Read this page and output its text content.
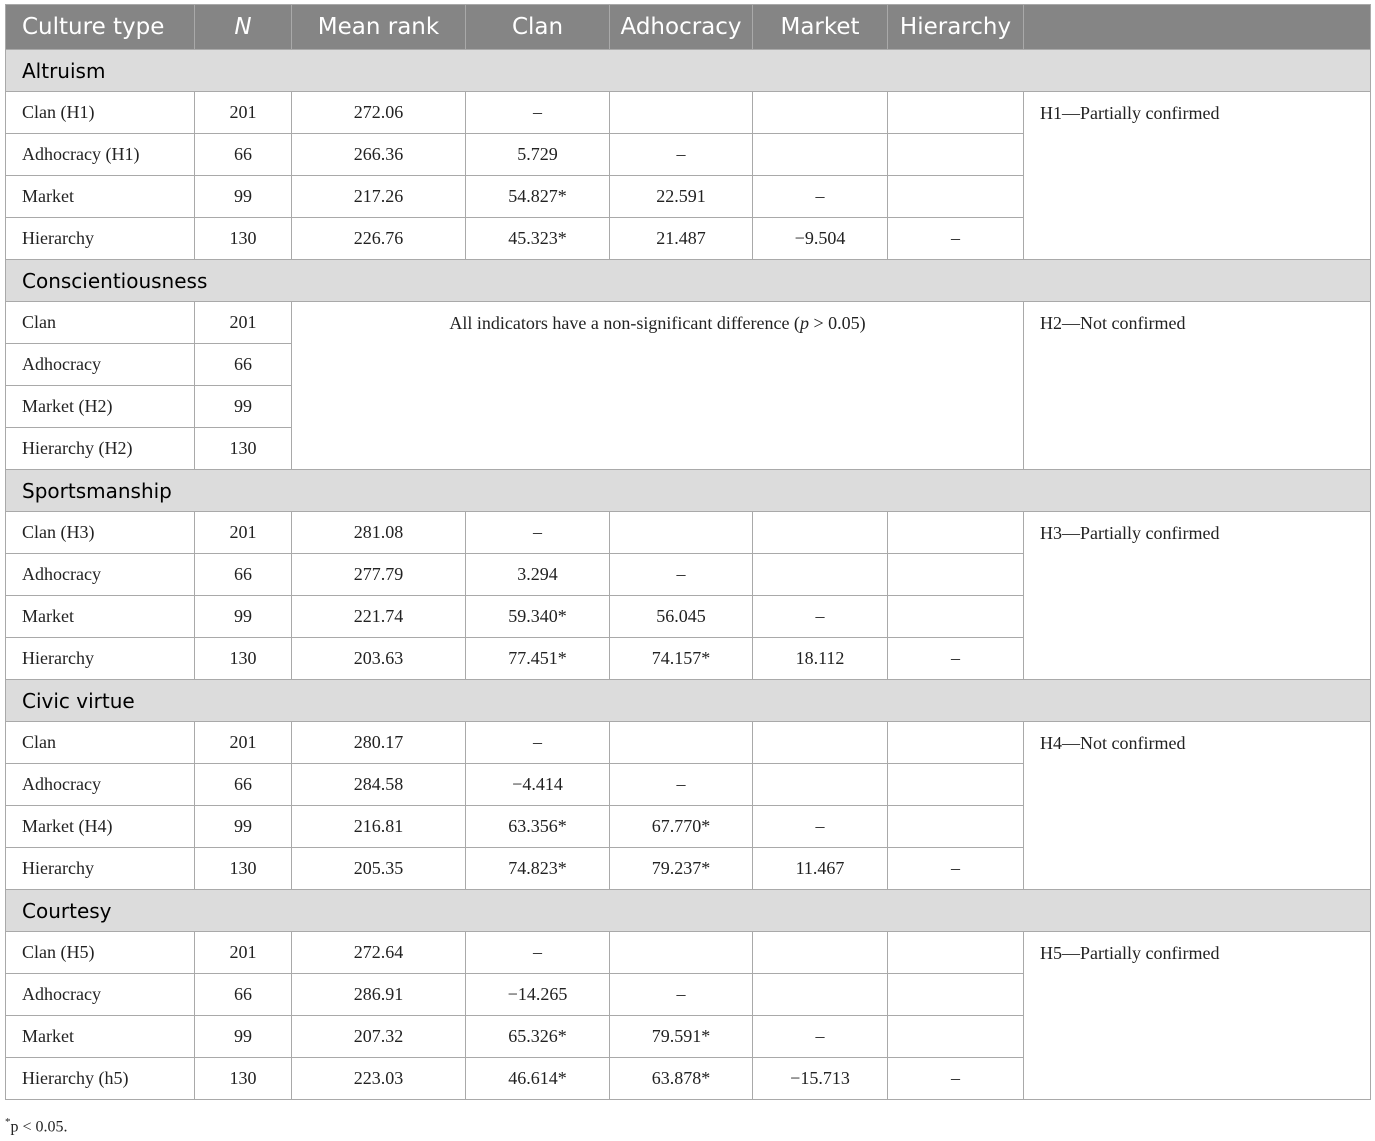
Culture type	N	Mean rank	Clan	Adhocracy	Market	Hierarchy	
Altruism							
Clan (H1)	201	272.06	–				H1—Partially confirmed
Adhocracy (H1)	66	266.36	5.729	–			
Market	99	217.26	54.827*	22.591	–		
Hierarchy	130	226.76	45.323*	21.487	−9.504	–	
Conscientiousness							
Clan	201	All indicators have a non-significant difference (p > 0.05)					H2—Not confirmed
Adhocracy	66						
Market (H2)	99						
Hierarchy (H2)	130						
Sportsmanship							
Clan (H3)	201	281.08	–				H3—Partially confirmed
Adhocracy	66	277.79	3.294	–			
Market	99	221.74	59.340*	56.045	–		
Hierarchy	130	203.63	77.451*	74.157*	18.112	–	
Civic virtue							
Clan	201	280.17	–				H4—Not confirmed
Adhocracy	66	284.58	−4.414	–			
Market (H4)	99	216.81	63.356*	67.770*	–		
Hierarchy	130	205.35	74.823*	79.237*	11.467	–	
Courtesy							
Clan (H5)	201	272.64	–				H5—Partially confirmed
Adhocracy	66	286.91	−14.265	–			
Market	99	207.32	65.326*	79.591*	–		
Hierarchy (h5)	130	223.03	46.614*	63.878*	−15.713	–	
*p < 0.05.
